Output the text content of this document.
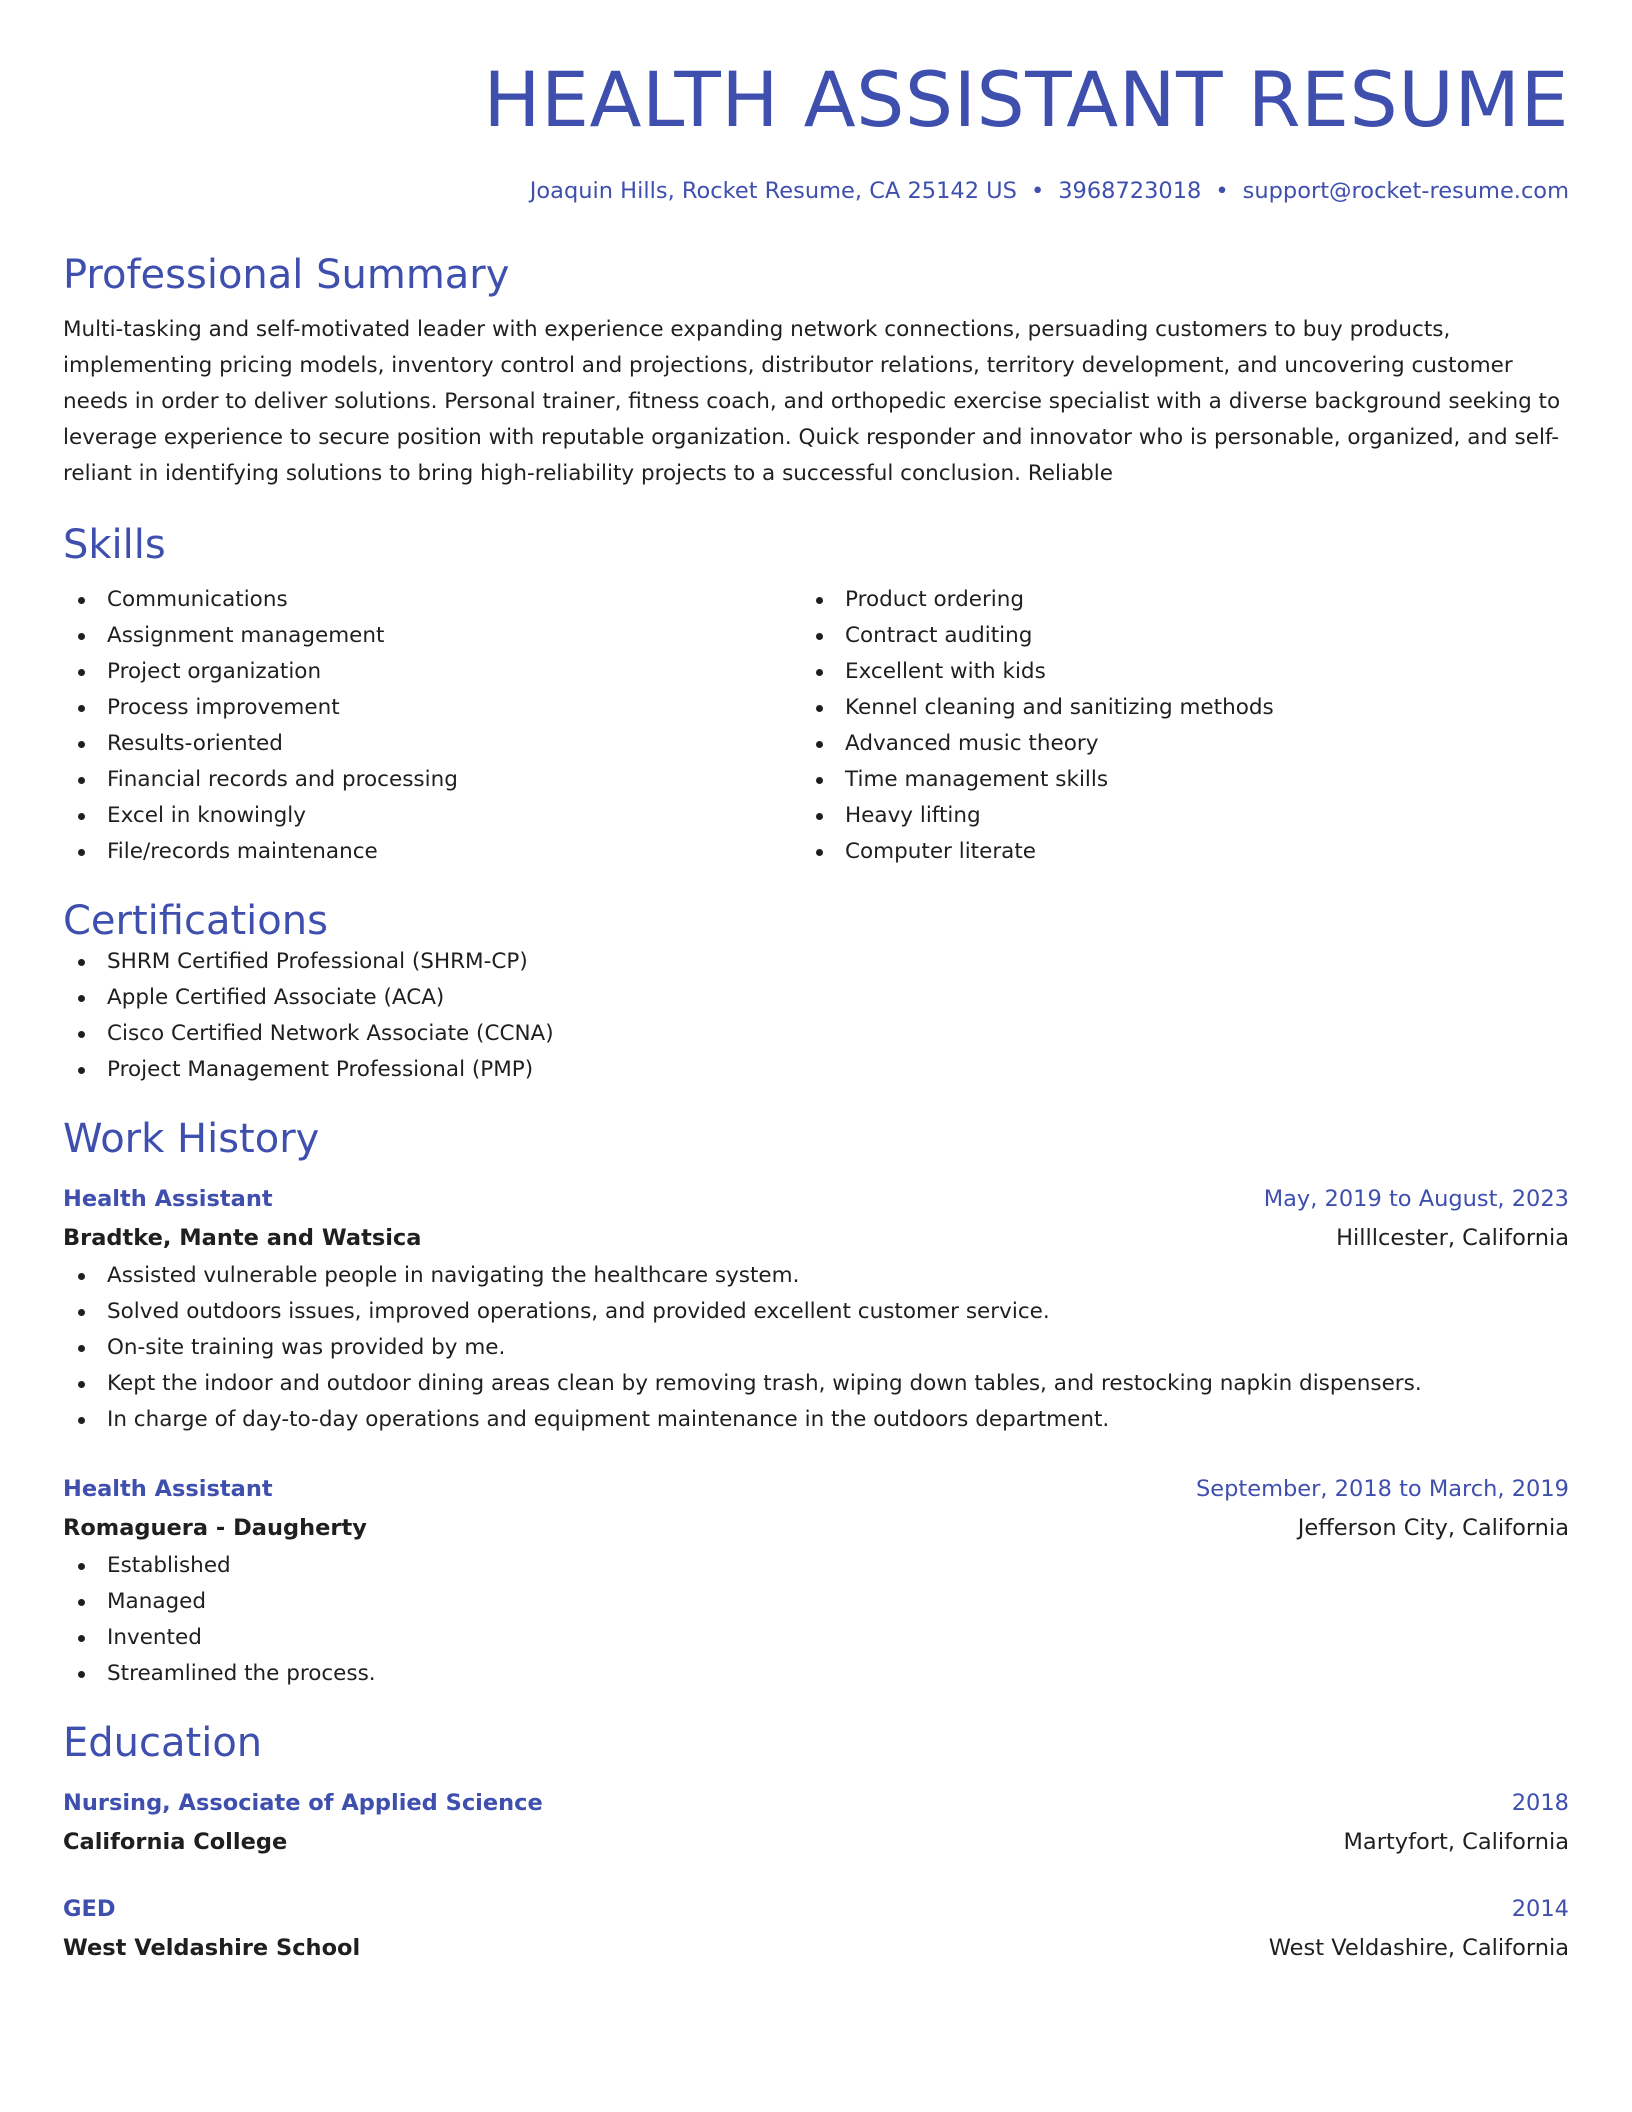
HEALTH ASSISTANT RESUME
Joaquin Hills, Rocket Resume, CA 25142 US • 3968723018 • support@rocket-resume.com
Professional Summary
Multi-tasking and self-motivated leader with experience expanding network connections, persuading customers to buy products, implementing pricing models, inventory control and projections, distributor relations, territory development, and uncovering customer needs in order to deliver solutions. Personal trainer, fitness coach, and orthopedic exercise specialist with a diverse background seeking to leverage experience to secure position with reputable organization. Quick responder and innovator who is personable, organized, and self-reliant in identifying solutions to bring high-reliability projects to a successful conclusion. Reliable
Skills
Communications
Assignment management
Project organization
Process improvement
Results-oriented
Financial records and processing
Excel in knowingly
File/records maintenance
Product ordering
Contract auditing
Excellent with kids
Kennel cleaning and sanitizing methods
Advanced music theory
Time management skills
Heavy lifting
Computer literate
Certifications
SHRM Certified Professional (SHRM-CP)
Apple Certified Associate (ACA)
Cisco Certified Network Associate (CCNA)
Project Management Professional (PMP)
Work History
Health Assistant	May, 2019 to August, 2023
Bradtke, Mante and Watsica	Hilllcester, California
Assisted vulnerable people in navigating the healthcare system.
Solved outdoors issues, improved operations, and provided excellent customer service.
On-site training was provided by me.
Kept the indoor and outdoor dining areas clean by removing trash, wiping down tables, and restocking napkin dispensers.
In charge of day-to-day operations and equipment maintenance in the outdoors department.
Health Assistant	September, 2018 to March, 2019
Romaguera - Daugherty	Jefferson City, California
Established
Managed
Invented
Streamlined the process.
Education
Nursing, Associate of Applied Science	2018
California College	Martyfort, California
GED	2014
West Veldashire School	West Veldashire, California
